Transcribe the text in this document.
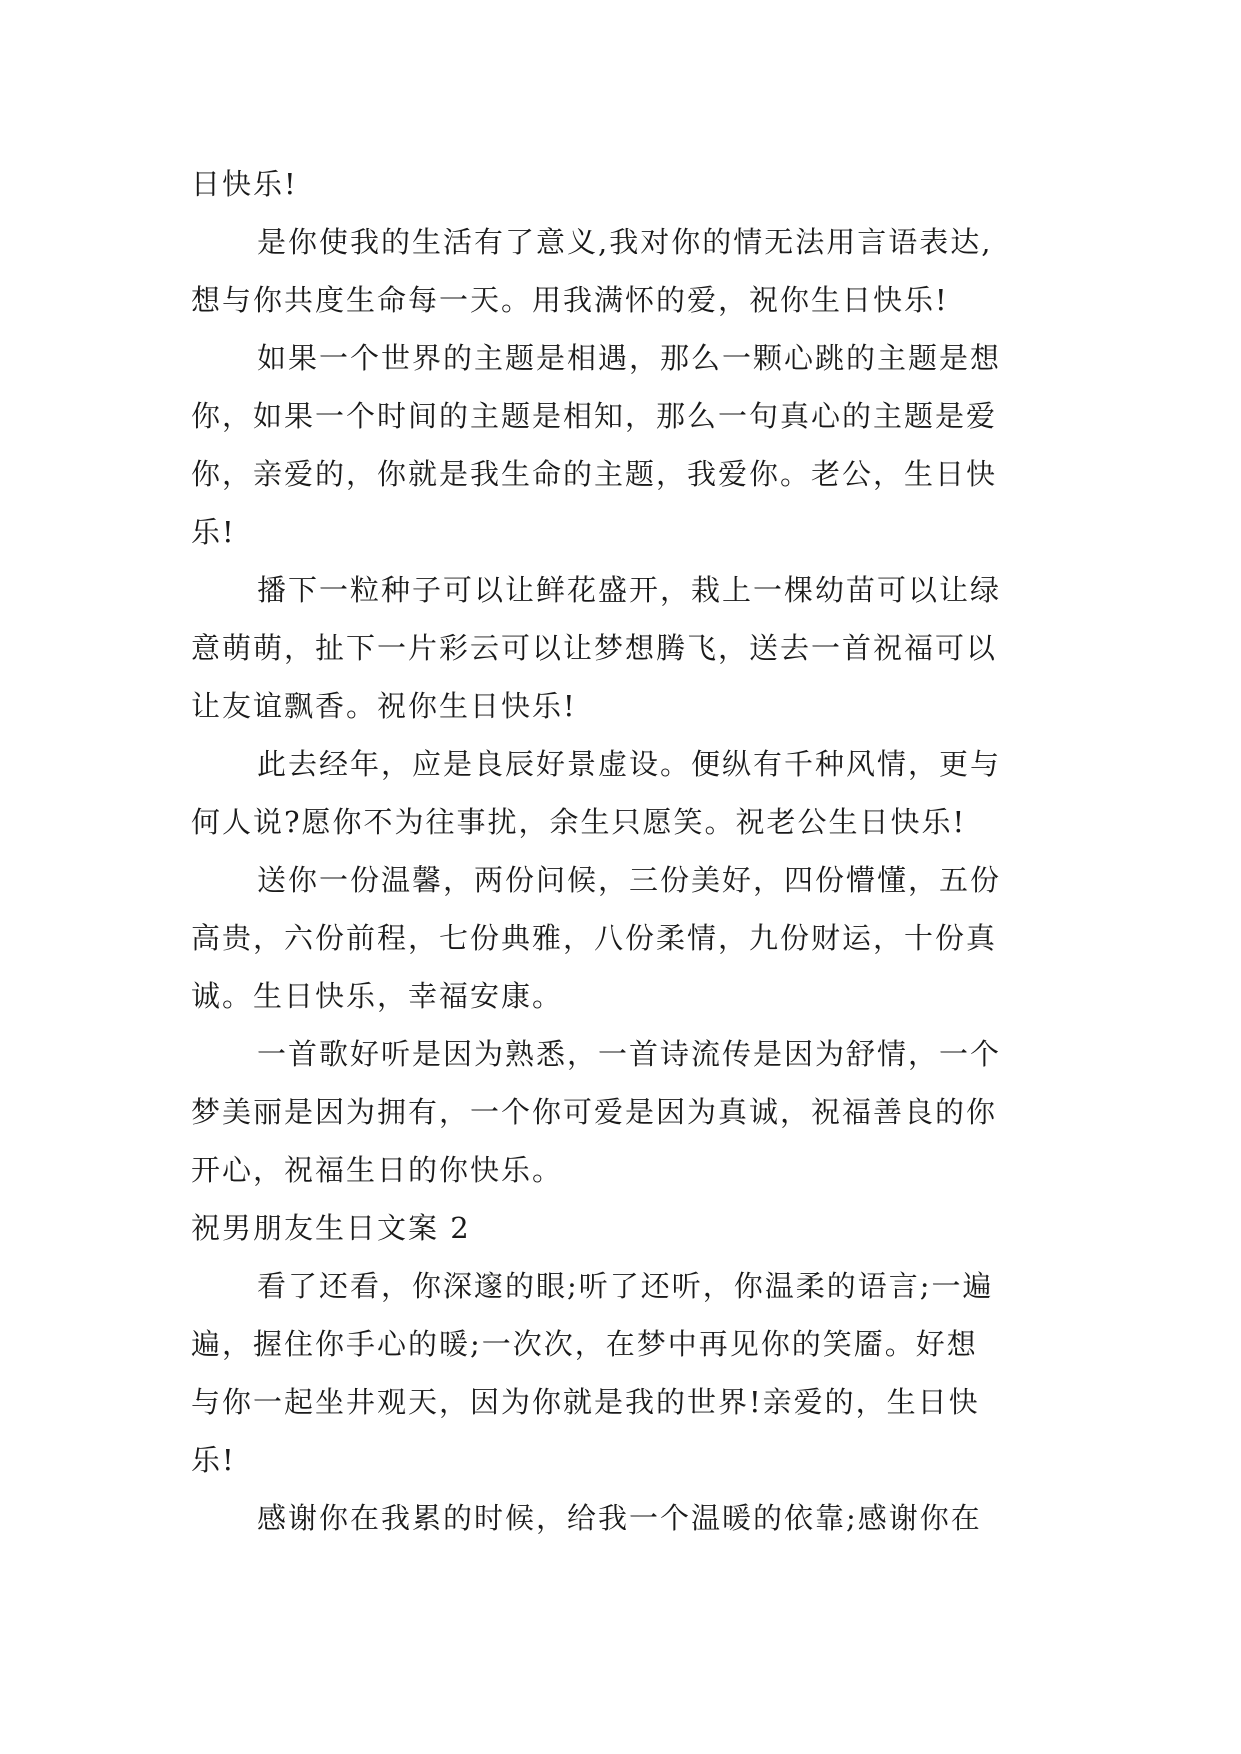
日快乐!

是你使我的生活有了意义,我对你的情无法用言语表达,

想与你共度生命每一天。用我满怀的爱，祝你生日快乐!

如果一个世界的主题是相遇，那么一颗心跳的主题是想

你，如果一个时间的主题是相知，那么一句真心的主题是爱

你，亲爱的，你就是我生命的主题，我爱你。老公，生日快

乐!

播下一粒种子可以让鲜花盛开，栽上一棵幼苗可以让绿

意萌萌，扯下一片彩云可以让梦想腾飞，送去一首祝福可以

让友谊飘香。祝你生日快乐!

此去经年，应是良辰好景虚设。便纵有千种风情，更与

何人说?愿你不为往事扰，余生只愿笑。祝老公生日快乐!

送你一份温馨，两份问候，三份美好，四份懵懂，五份

高贵，六份前程，七份典雅，八份柔情，九份财运，十份真

诚。生日快乐，幸福安康。

一首歌好听是因为熟悉，一首诗流传是因为舒情，一个

梦美丽是因为拥有，一个你可爱是因为真诚，祝福善良的你

开心，祝福生日的你快乐。

祝男朋友生日文案 2

看了还看，你深邃的眼;听了还听，你温柔的语言;一遍

遍，握住你手心的暖;一次次，在梦中再见你的笑靥。好想

与你一起坐井观天，因为你就是我的世界!亲爱的，生日快

乐!

感谢你在我累的时候，给我一个温暖的依靠;感谢你在
